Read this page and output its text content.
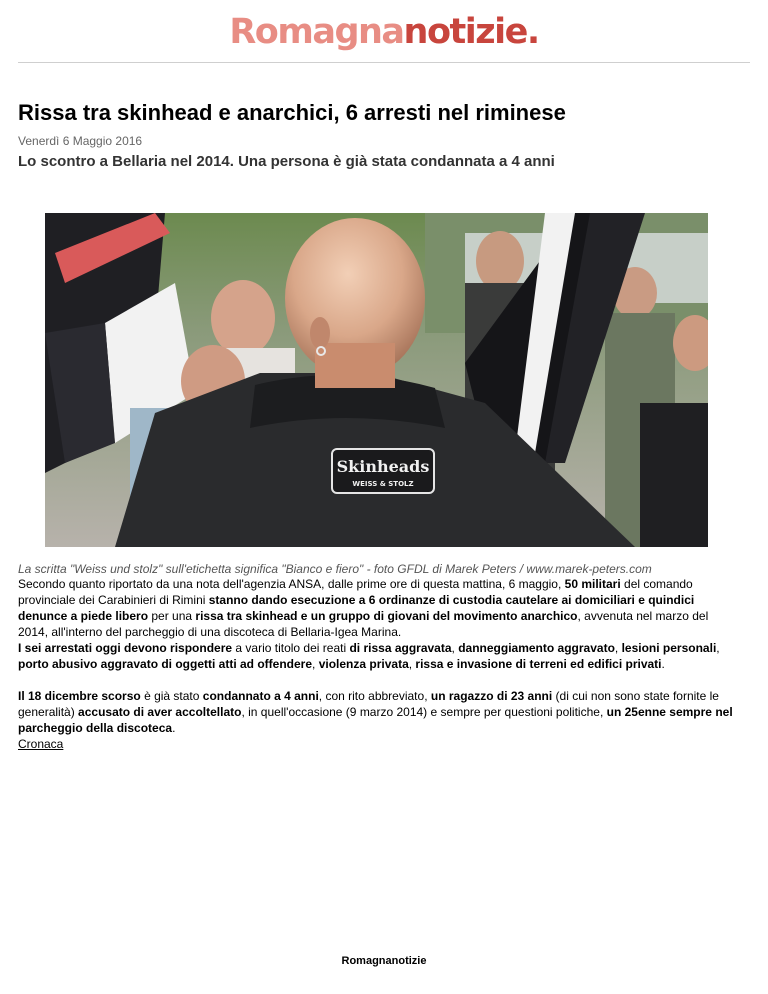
Romagnanotizie.
Rissa tra skinhead e anarchici, 6 arresti nel riminese
Venerdì 6 Maggio 2016
Lo scontro a Bellaria nel 2014. Una persona è già stata condannata a 4 anni
Skinheads
WEISS & STOLZ
La scritta "Weiss und stolz" sull'etichetta significa "Bianco e fiero" - foto GFDL di Marek Peters / www.marek-peters.com

Secondo quanto riportato da una nota dell'agenzia ANSA, dalle prime ore di questa mattina, 6 maggio, 50 militari del comando provinciale dei Carabinieri di Rimini stanno dando esecuzione a 6 ordinanze di custodia cautelare ai domiciliari e quindici denunce a piede libero per una rissa tra skinhead e un gruppo di giovani del movimento anarchico, avvenuta nel marzo del 2014, all'interno del parcheggio di una discoteca di Bellaria-Igea Marina.

I sei arrestati oggi devono rispondere a vario titolo dei reati di rissa aggravata, danneggiamento aggravato, lesioni personali, porto abusivo aggravato di oggetti atti ad offendere, violenza privata, rissa e invasione di terreni ed edifici privati.

Il 18 dicembre scorso è già stato condannato a 4 anni, con rito abbreviato, un ragazzo di 23 anni (di cui non sono state fornite le generalità) accusato di aver accoltellato, in quell'occasione (9 marzo 2014) e sempre per questioni politiche, un 25enne sempre nel parcheggio della discoteca.

Cronaca
Romagnanotizie
